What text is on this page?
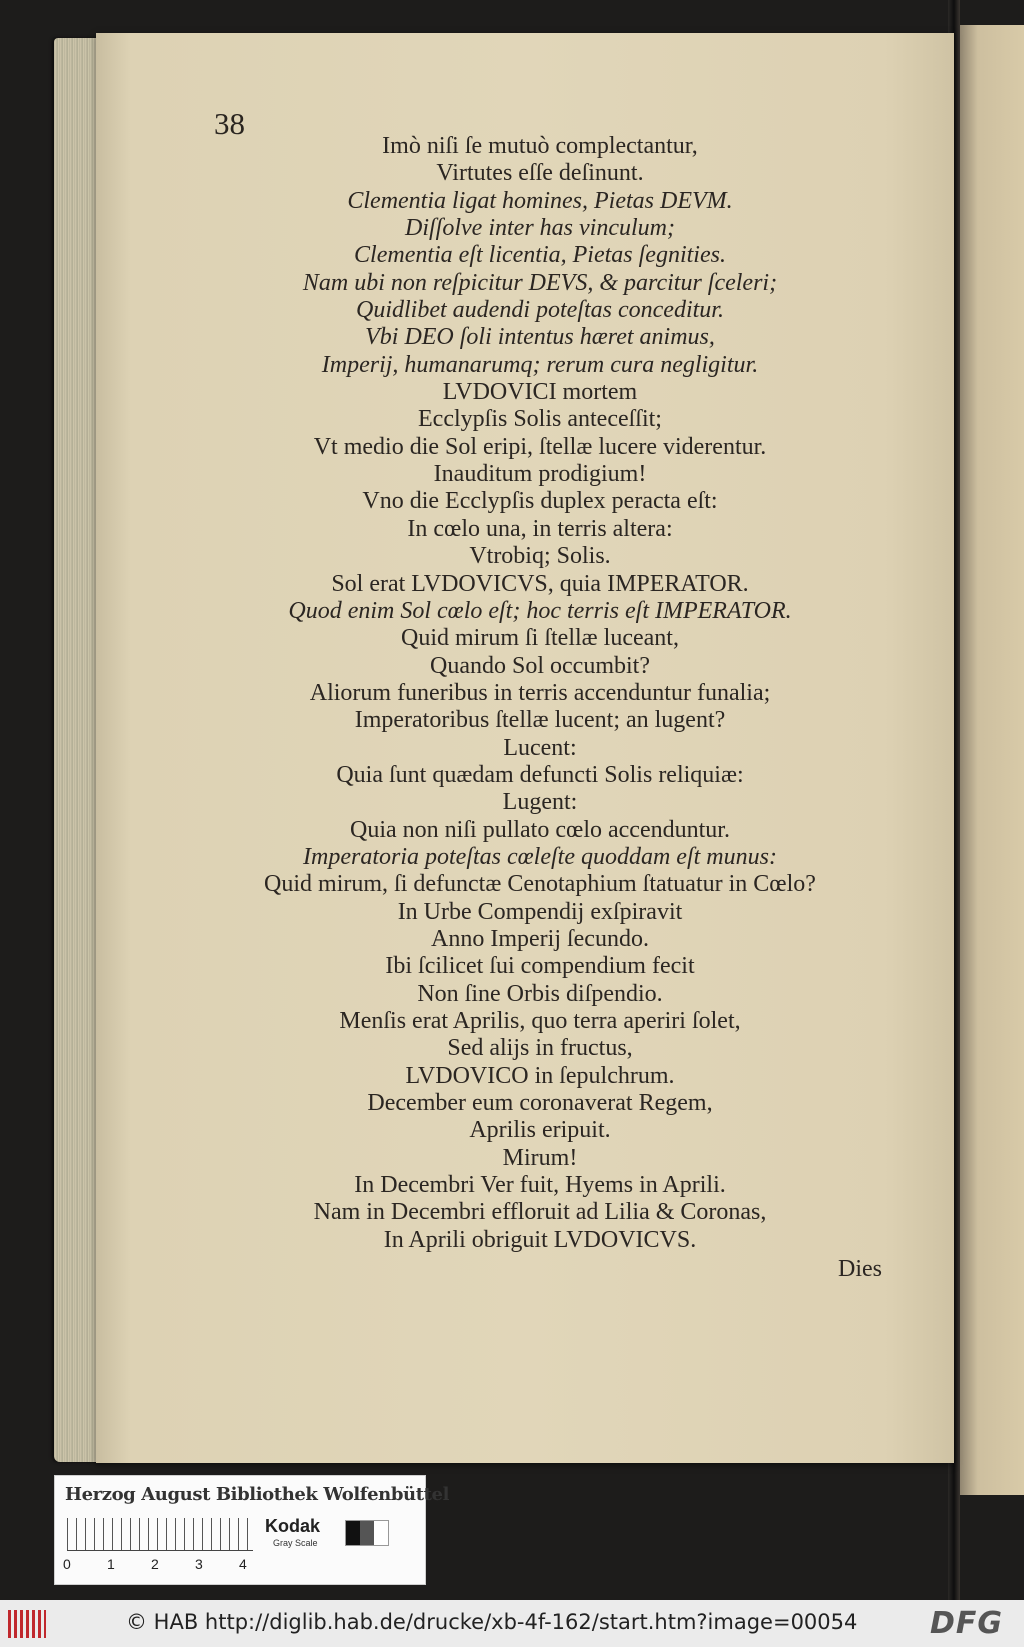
38
Imò niſi ſe mutuò complectantur,
Virtutes eſſe deſinunt.
Clementia ligat homines, Pietas DEVM.
Diſſolve inter has vinculum;
Clementia eſt licentia, Pietas ſegnities.
Nam ubi non reſpicitur DEVS, & parcitur ſceleri;
Quidlibet audendi poteſtas conceditur.
Vbi DEO ſoli intentus hæret animus,
Imperij, humanarumq; rerum cura negligitur.
LVDOVICI mortem
Ecclypſis Solis anteceſſit;
Vt medio die Sol eripi, ſtellæ lucere viderentur.
Inauditum prodigium!
Vno die Ecclypſis duplex peracta eſt:
In cœlo una, in terris altera:
Vtrobiq; Solis.
Sol erat LVDOVICVS, quia IMPERATOR.
Quod enim Sol cœlo eſt; hoc terris eſt IMPERATOR.
Quid mirum ſi ſtellæ luceant,
Quando Sol occumbit?
Aliorum funeribus in terris accenduntur funalia;
Imperatoribus ſtellæ lucent; an lugent?
Lucent:
Quia ſunt quædam defuncti Solis reliquiæ:
Lugent:
Quia non niſi pullato cœlo accenduntur.
Imperatoria poteſtas cœleſte quoddam eſt munus:
Quid mirum, ſi defunctæ Cenotaphium ſtatuatur in Cœlo?
In Urbe Compendij exſpiravit
Anno Imperij ſecundo.
Ibi ſcilicet ſui compendium fecit
Non ſine Orbis diſpendio.
Menſis erat Aprilis, quo terra aperiri ſolet,
Sed alijs in fructus,
LVDOVICO in ſepulchrum.
December eum coronaverat Regem,
Aprilis eripuit.
Mirum!
In Decembri Ver fuit, Hyems in Aprili.
Nam in Decembri effloruit ad Lilia & Coronas,
In Aprili obriguit LVDOVICVS.
Dies
Herzog August Bibliothek Wolfenbüttel
0	1	2	3	4
Kodak
Gray Scale
© HAB http://diglib.hab.de/drucke/xb-4f-162/start.htm?image=00054 DFG
